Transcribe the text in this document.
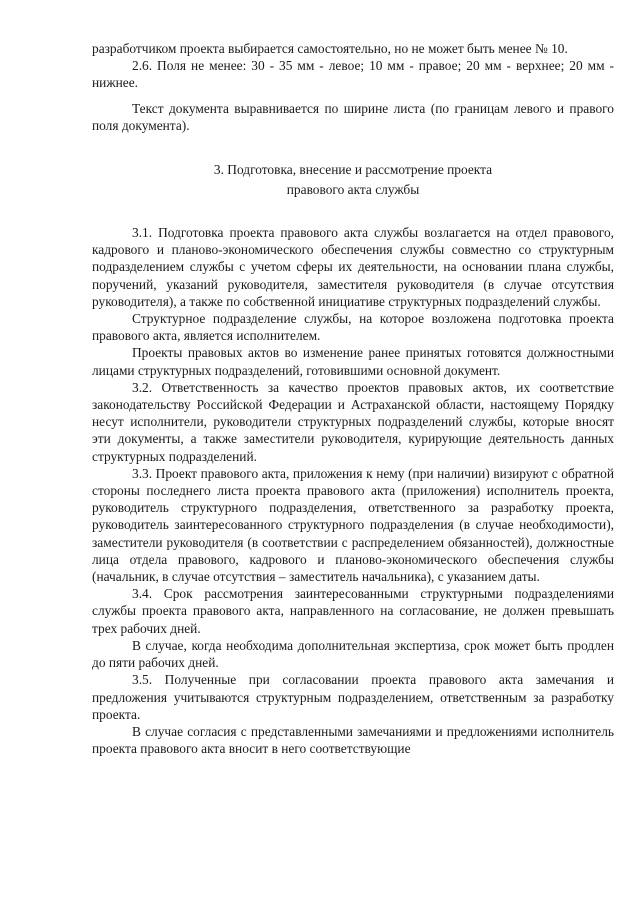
разработчиком проекта выбирается самостоятельно, но не может быть менее № 10.

2.6. Поля не менее: 30 - 35 мм - левое; 10 мм - правое; 20 мм - верхнее; 20 мм - нижнее.

Текст документа выравнивается по ширине листа (по границам левого и правого поля документа).

3. Подготовка, внесение и рассмотрение проекта
правового акта службы

3.1. Подготовка проекта правового акта службы возлагается на отдел правового, кадрового и планово-экономического обеспечения службы совместно со структурным подразделением службы с учетом сферы их деятельности, на основании плана службы, поручений, указаний руководителя, заместителя руководителя (в случае отсутствия руководителя), а также по собственной инициативе структурных подразделений службы.

Структурное подразделение службы, на которое возложена подготовка проекта правового акта, является исполнителем.

Проекты правовых актов во изменение ранее принятых готовятся должностными лицами структурных подразделений, готовившими основной документ.

3.2. Ответственность за качество проектов правовых актов, их соответствие законодательству Российской Федерации и Астраханской области, настоящему Порядку несут исполнители, руководители структурных подразделений службы, которые вносят эти документы, а также заместители руководителя, курирующие деятельность данных структурных подразделений.

3.3. Проект правового акта, приложения к нему (при наличии) визируют с обратной стороны последнего листа проекта правового акта (приложения) исполнитель проекта, руководитель структурного подразделения, ответственного за разработку проекта, руководитель заинтересованного структурного подразделения (в случае необходимости), заместители руководителя (в соответствии с распределением обязанностей), должностные лица отдела правового, кадрового и планово-экономического обеспечения службы (начальник, в случае отсутствия – заместитель начальника), с указанием даты.

3.4. Срок рассмотрения заинтересованными структурными подразделениями службы проекта правового акта, направленного на согласование, не должен превышать трех рабочих дней.

В случае, когда необходима дополнительная экспертиза, срок может быть продлен до пяти рабочих дней.

3.5. Полученные при согласовании проекта правового акта замечания и предложения учитываются структурным подразделением, ответственным за разработку проекта.

В случае согласия с представленными замечаниями и предложениями исполнитель проекта правового акта вносит в него соответствующие
